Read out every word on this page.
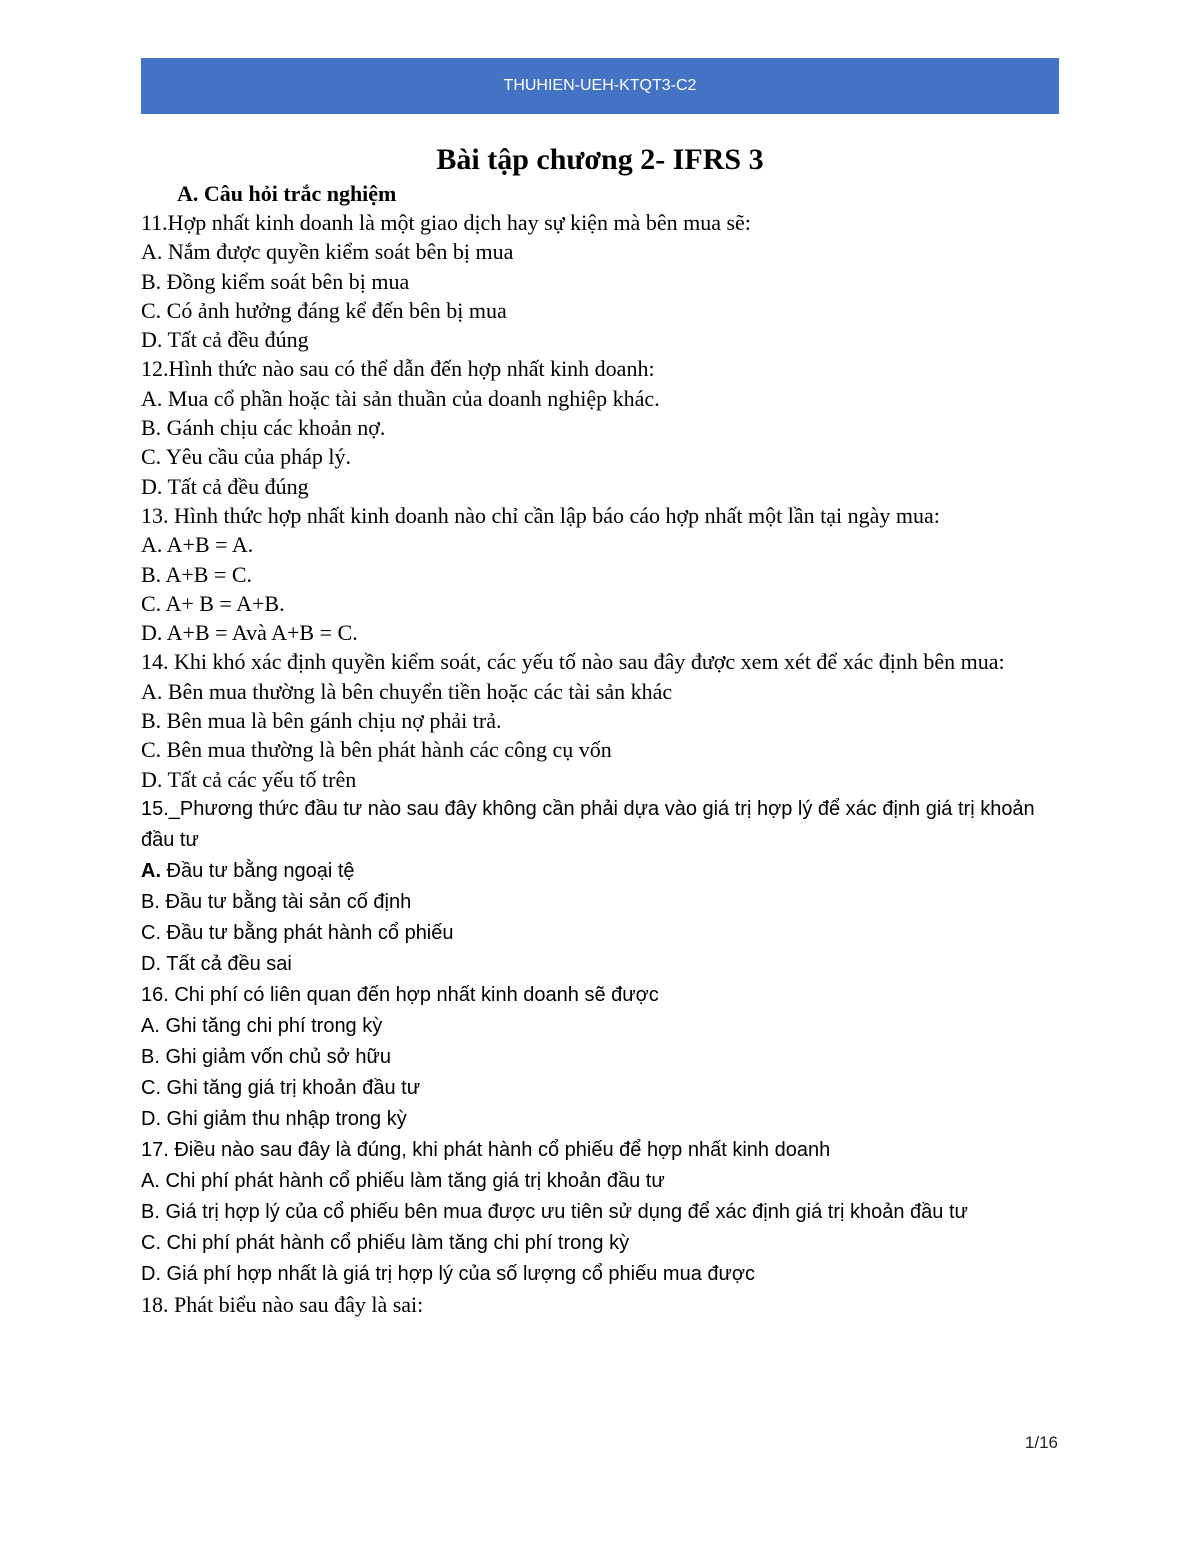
THUHIEN-UEH-KTQT3-C2

Bài tập chương 2- IFRS 3

A. Câu hỏi trắc nghiệm

11.Hợp nhất kinh doanh là một giao dịch hay sự kiện mà bên mua sẽ:

A. Nắm được quyền kiểm soát bên bị mua

B. Đồng kiểm soát bên bị mua

C. Có ảnh hưởng đáng kể đến bên bị mua

D. Tất cả đều đúng

12.Hình thức nào sau có thể dẫn đến hợp nhất kinh doanh:

A. Mua cổ phần hoặc tài sản thuần của doanh nghiệp khác.

B. Gánh chịu các khoản nợ.

C. Yêu cầu của pháp lý.

D. Tất cả đều đúng

13. Hình thức hợp nhất kinh doanh nào chỉ cần lập báo cáo hợp nhất một lần tại ngày mua:

A. A+B = A.

B. A+B = C.

C. A+ B = A+B.

D. A+B = Avà A+B = C.

14. Khi khó xác định quyền kiểm soát, các yếu tố nào sau đây được xem xét để xác định bên mua:

A. Bên mua thường là bên chuyển tiền hoặc các tài sản khác

B. Bên mua là bên gánh chịu nợ phải trả.

C. Bên mua thường là bên phát hành các công cụ vốn

D. Tất cả các yếu tố trên

15._Phương thức đầu tư nào sau đây không cần phải dựa vào giá trị hợp lý để xác định giá trị khoản đầu tư

A. Đầu tư bằng ngoại tệ

B. Đầu tư bằng tài sản cố định

C. Đầu tư bằng phát hành cổ phiếu

D. Tất cả đều sai

16. Chi phí có liên quan đến hợp nhất kinh doanh sẽ được

A. Ghi tăng chi phí trong kỳ

B. Ghi giảm vốn chủ sở hữu

C. Ghi tăng giá trị khoản đầu tư

D. Ghi giảm thu nhập trong kỳ

17. Điều nào sau đây là đúng, khi phát hành cổ phiếu để hợp nhất kinh doanh

A. Chi phí phát hành cổ phiếu làm tăng giá trị khoản đầu tư

B. Giá trị hợp lý của cổ phiếu bên mua được ưu tiên sử dụng để xác định giá trị khoản đầu tư

C. Chi phí phát hành cổ phiếu làm tăng chi phí trong kỳ

D. Giá phí hợp nhất là giá trị hợp lý của số lượng cổ phiếu mua được

18. Phát biểu nào sau đây là sai:

1/16
